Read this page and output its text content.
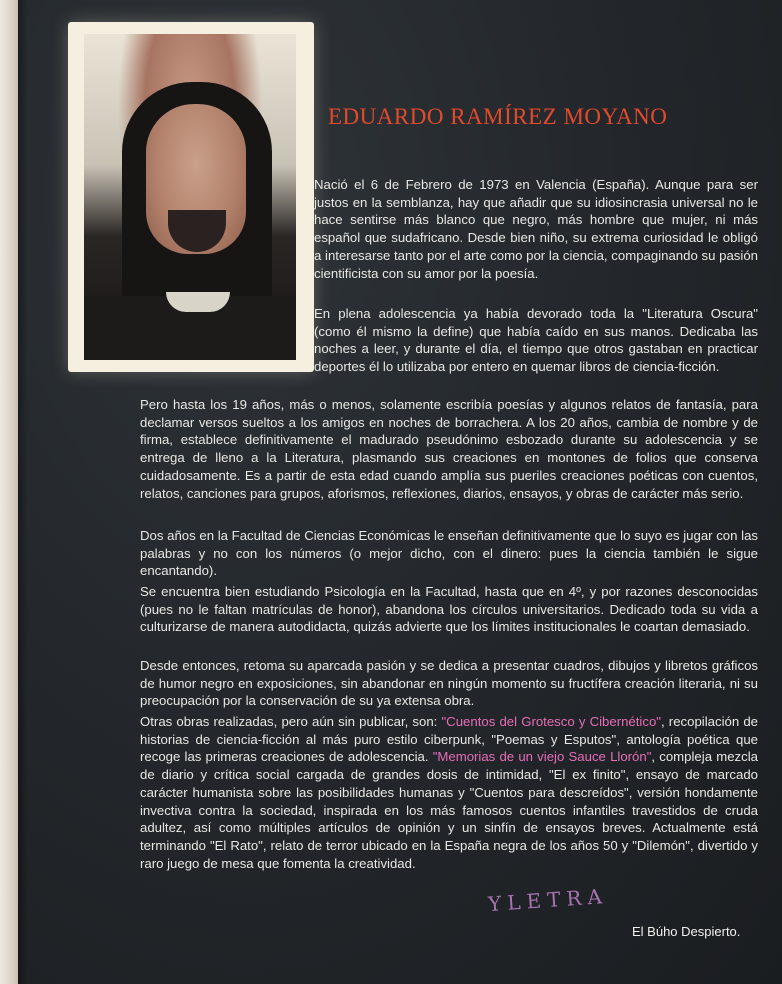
EDUARDO RAMÍREZ MOYANO

Nació el 6 de Febrero de 1973 en Valencia (España). Aunque para ser justos en la semblanza, hay que añadir que su idiosincrasia universal no le hace sentirse más blanco que negro, más hombre que mujer, ni más español que sudafricano. Desde bien niño, su extrema curiosidad le obligó a interesarse tanto por el arte como por la ciencia, compaginando su pasión cientificista con su amor por la poesía.

En plena adolescencia ya había devorado toda la "Literatura Oscura" (como él mismo la define) que había caído en sus manos. Dedicaba las noches a leer, y durante el día, el tiempo que otros gastaban en practicar deportes él lo utilizaba por entero en quemar libros de ciencia-ficción.

Pero hasta los 19 años, más o menos, solamente escribía poesías y algunos relatos de fantasía, para declamar versos sueltos a los amigos en noches de borrachera. A los 20 años, cambia de nombre y de firma, establece definitivamente el madurado pseudónimo esbozado durante su adolescencia y se entrega de lleno a la Literatura, plasmando sus creaciones en montones de folios que conserva cuidadosamente. Es a partir de esta edad cuando amplía sus pueriles creaciones poéticas con cuentos, relatos, canciones para grupos, aforismos, reflexiones, diarios, ensayos, y obras de carácter más serio.

Dos años en la Facultad de Ciencias Económicas le enseñan definitivamente que lo suyo es jugar con las palabras y no con los números (o mejor dicho, con el dinero: pues la ciencia también le sigue encantando).

Se encuentra bien estudiando Psicología en la Facultad, hasta que en 4º, y por razones desconocidas (pues no le faltan matrículas de honor), abandona los círculos universitarios. Dedicado toda su vida a culturizarse de manera autodidacta, quizás advierte que los límites institucionales le coartan demasiado.

Desde entonces, retoma su aparcada pasión y se dedica a presentar cuadros, dibujos y libretos gráficos de humor negro en exposiciones, sin abandonar en ningún momento su fructífera creación literaria, ni su preocupación por la conservación de su ya extensa obra.

Otras obras realizadas, pero aún sin publicar, son: "Cuentos del Grotesco y Cibernético", recopilación de historias de ciencia-ficción al más puro estilo ciberpunk, "Poemas y Esputos", antología poética que recoge las primeras creaciones de adolescencia. "Memorias de un viejo Sauce Llorón", compleja mezcla de diario y crítica social cargada de grandes dosis de intimidad, "El ex finito", ensayo de marcado carácter humanista sobre las posibilidades humanas y "Cuentos para descreídos", versión hondamente invectiva contra la sociedad, inspirada en los más famosos cuentos infantiles travestidos de cruda adultez, así como múltiples artículos de opinión y un sinfín de ensayos breves. Actualmente está terminando "El Rato", relato de terror ubicado en la España negra de los años 50 y "Dilemón", divertido y raro juego de mesa que fomenta la creatividad.

YLETRA
El Búho Despierto.
